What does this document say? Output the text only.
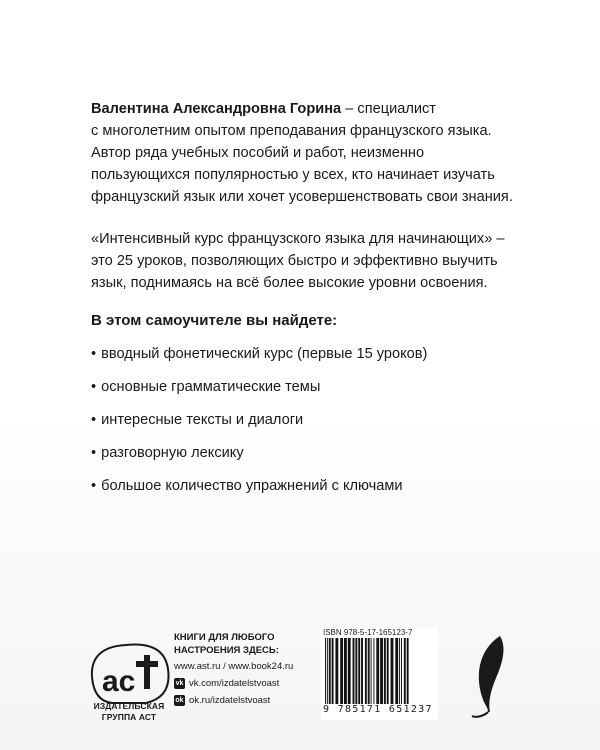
Валентина Александровна Горина – специалист
с многолетним опытом преподавания французского языка.
Автор ряда учебных пособий и работ, неизменно
пользующихся популярностью у всех, кто начинает изучать
французский язык или хочет усовершенствовать свои знания.

«Интенсивный курс французского языка для начинающих» –
это 25 уроков, позволяющих быстро и эффективно выучить
язык, поднимаясь на всё более высокие уровни освоения.

В этом самоучителе вы найдете:
• вводный фонетический курс (первые 15 уроков)
• основные грамматические темы
• интересные тексты и диалоги
• разговорную лексику
• большое количество упражнений с ключами
ac
ИЗДАТЕЛЬСКАЯ
ГРУППА АСТ
КНИГИ ДЛЯ ЛЮБОГО
НАСТРОЕНИЯ ЗДЕСЬ:
www.ast.ru / www.book24.ru
vk vk.com/izdatelstvoast
ok ok.ru/izdatelstvoast
ISBN 978-5-17-165123-7
9 785171 651237
